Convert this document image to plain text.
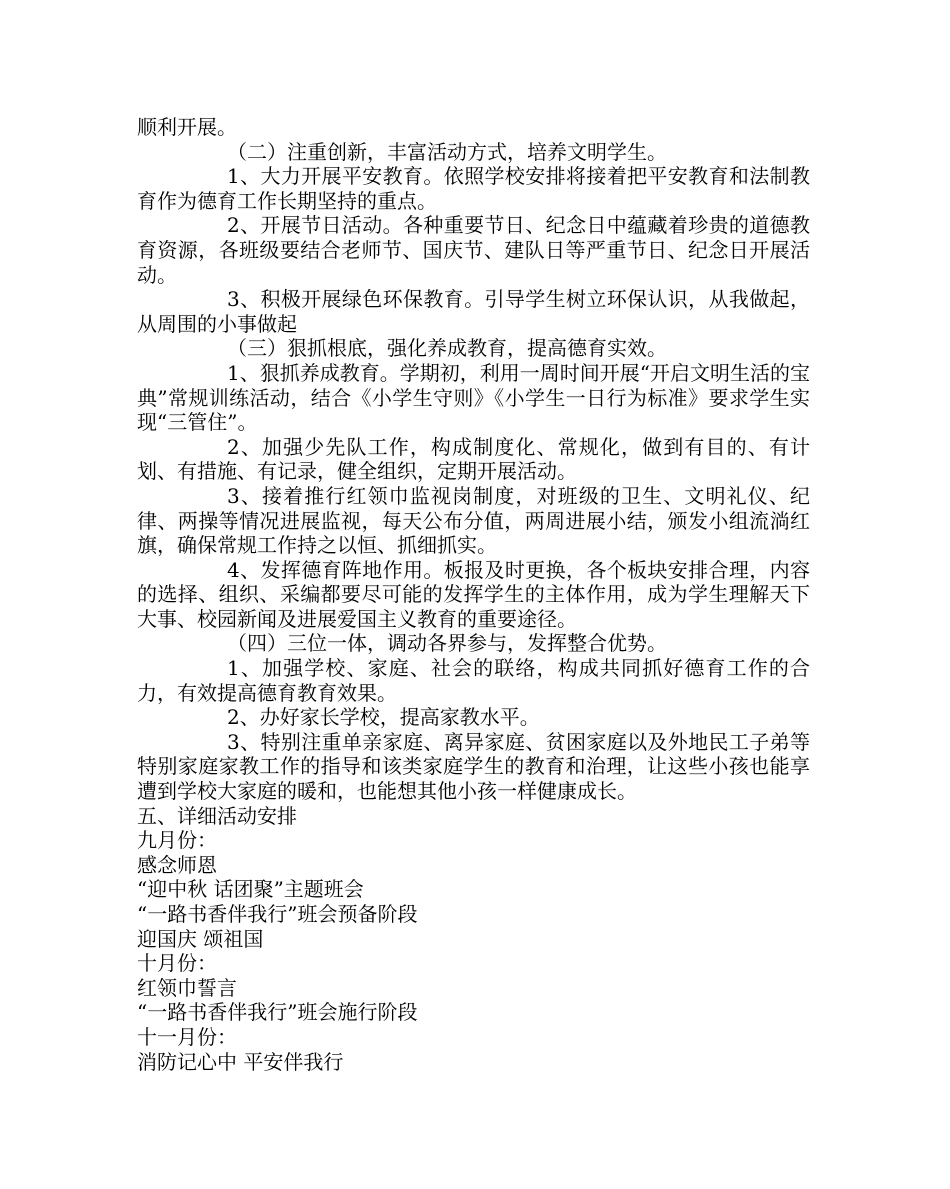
顺利开展。

（二）注重创新，丰富活动方式，培养文明学生。

1、大力开展平安教育。依照学校安排将接着把平安教育和法制教育作为德育工作长期坚持的重点。

2、开展节日活动。各种重要节日、纪念日中蕴藏着珍贵的道德教育资源，各班级要结合老师节、国庆节、建队日等严重节日、纪念日开展活动。

3、积极开展绿色环保教育。引导学生树立环保认识，从我做起，从周围的小事做起

（三）狠抓根底，强化养成教育，提高德育实效。

1、狠抓养成教育。学期初，利用一周时间开展“开启文明生活的宝典”常规训练活动，结合《小学生守则》《小学生一日行为标准》要求学生实现“三管住”。

2、加强少先队工作，构成制度化、常规化，做到有目的、有计划、有措施、有记录，健全组织，定期开展活动。

3、接着推行红领巾监视岗制度，对班级的卫生、文明礼仪、纪律、两操等情况进展监视，每天公布分值，两周进展小结，颁发小组流淌红旗，确保常规工作持之以恒、抓细抓实。

4、发挥德育阵地作用。板报及时更换，各个板块安排合理，内容的选择、组织、采编都要尽可能的发挥学生的主体作用，成为学生理解天下大事、校园新闻及进展爱国主义教育的重要途径。

（四）三位一体，调动各界参与，发挥整合优势。

1、加强学校、家庭、社会的联络，构成共同抓好德育工作的合力，有效提高德育教育效果。

2、办好家长学校，提高家教水平。

3、特别注重单亲家庭、离异家庭、贫困家庭以及外地民工子弟等特别家庭家教工作的指导和该类家庭学生的教育和治理，让这些小孩也能享遭到学校大家庭的暖和，也能想其他小孩一样健康成长。

五、详细活动安排

九月份：

感念师恩

“迎中秋 话团聚”主题班会

“一路书香伴我行”班会预备阶段

迎国庆 颂祖国

十月份：

红领巾誓言

“一路书香伴我行”班会施行阶段

十一月份：

消防记心中 平安伴我行
